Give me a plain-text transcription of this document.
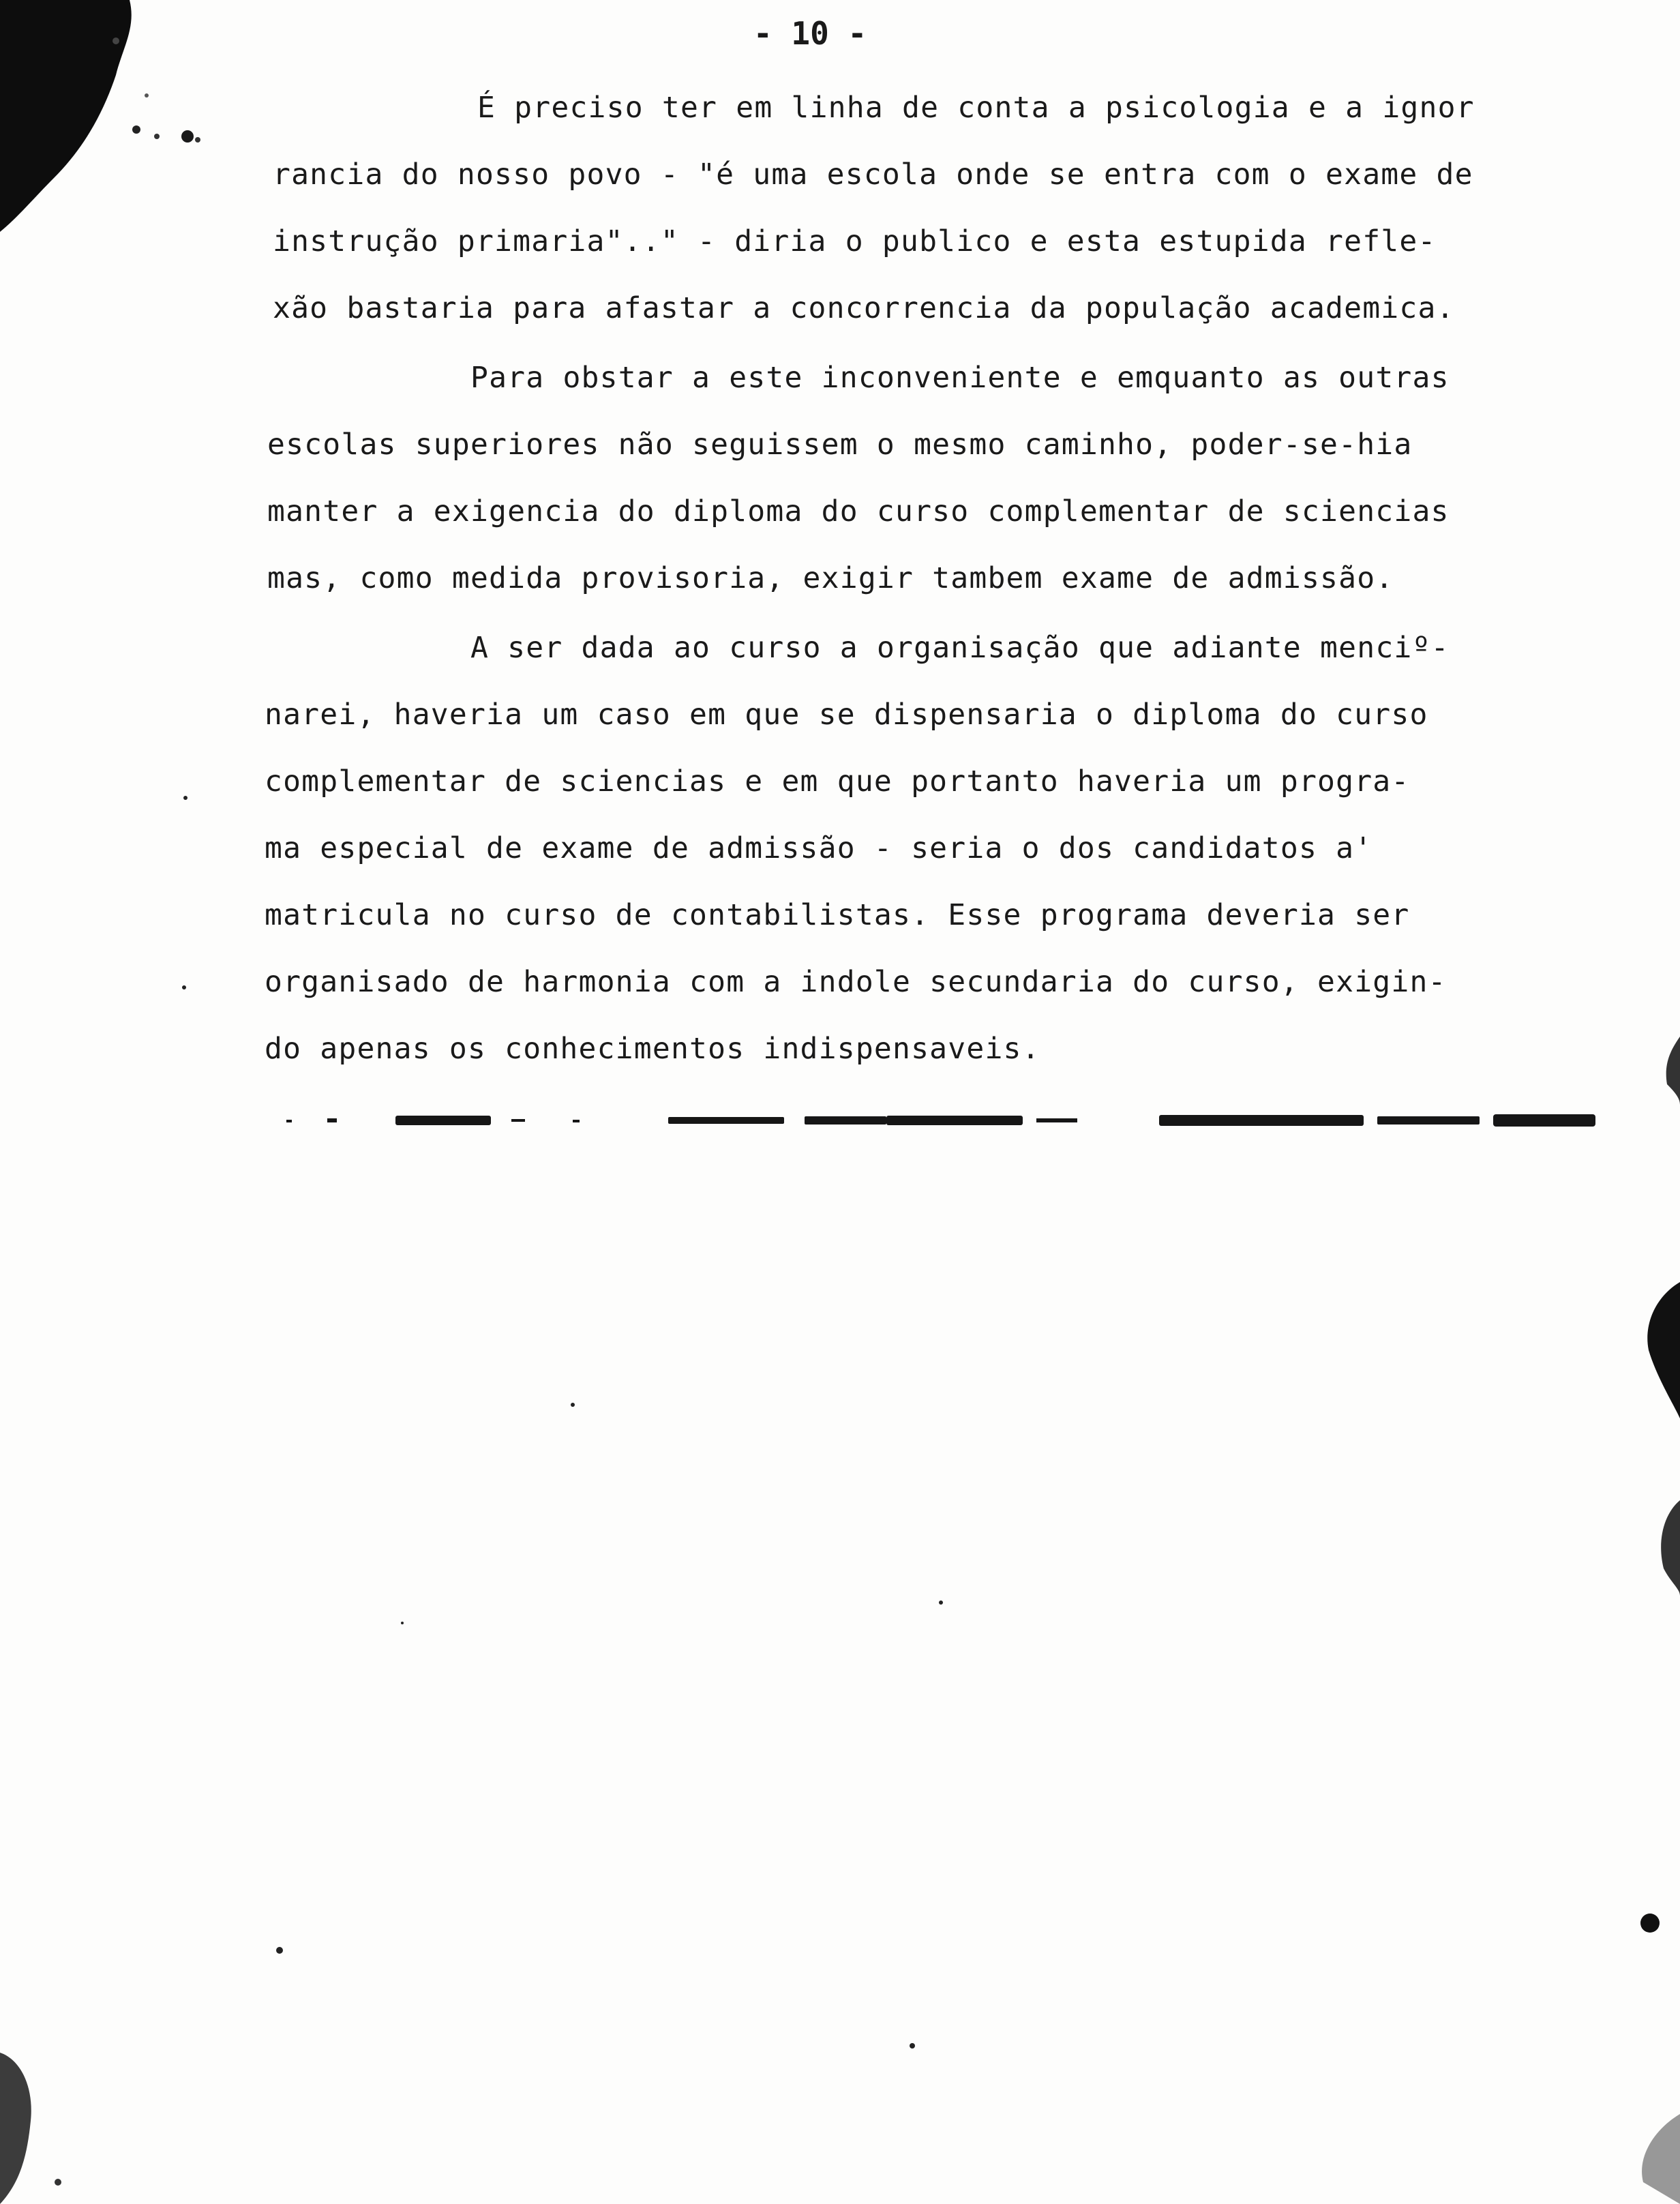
- 10 -
É preciso ter em linha de conta a psicologia e a ignor
rancia do nosso povo - "é uma escola onde se entra com o exame de
instrução primaria".." - diria o publico e esta estupida refle-
xão bastaria para afastar a concorrencia da população academica.
Para obstar a este inconveniente e emquanto as outras
escolas superiores não seguissem o mesmo caminho, poder-se-hia
manter a exigencia do diploma do curso complementar de sciencias
mas, como medida provisoria, exigir tambem exame de admissão.
A ser dada ao curso a organisação que adiante menciº-
narei, haveria um caso em que se dispensaria o diploma do curso
complementar de sciencias e em que portanto haveria um progra-
ma especial de exame de admissão - seria o dos candidatos a'
matricula no curso de contabilistas. Esse programa deveria ser
organisado de harmonia com a indole secundaria do curso, exigin-
do apenas os conhecimentos indispensaveis.
